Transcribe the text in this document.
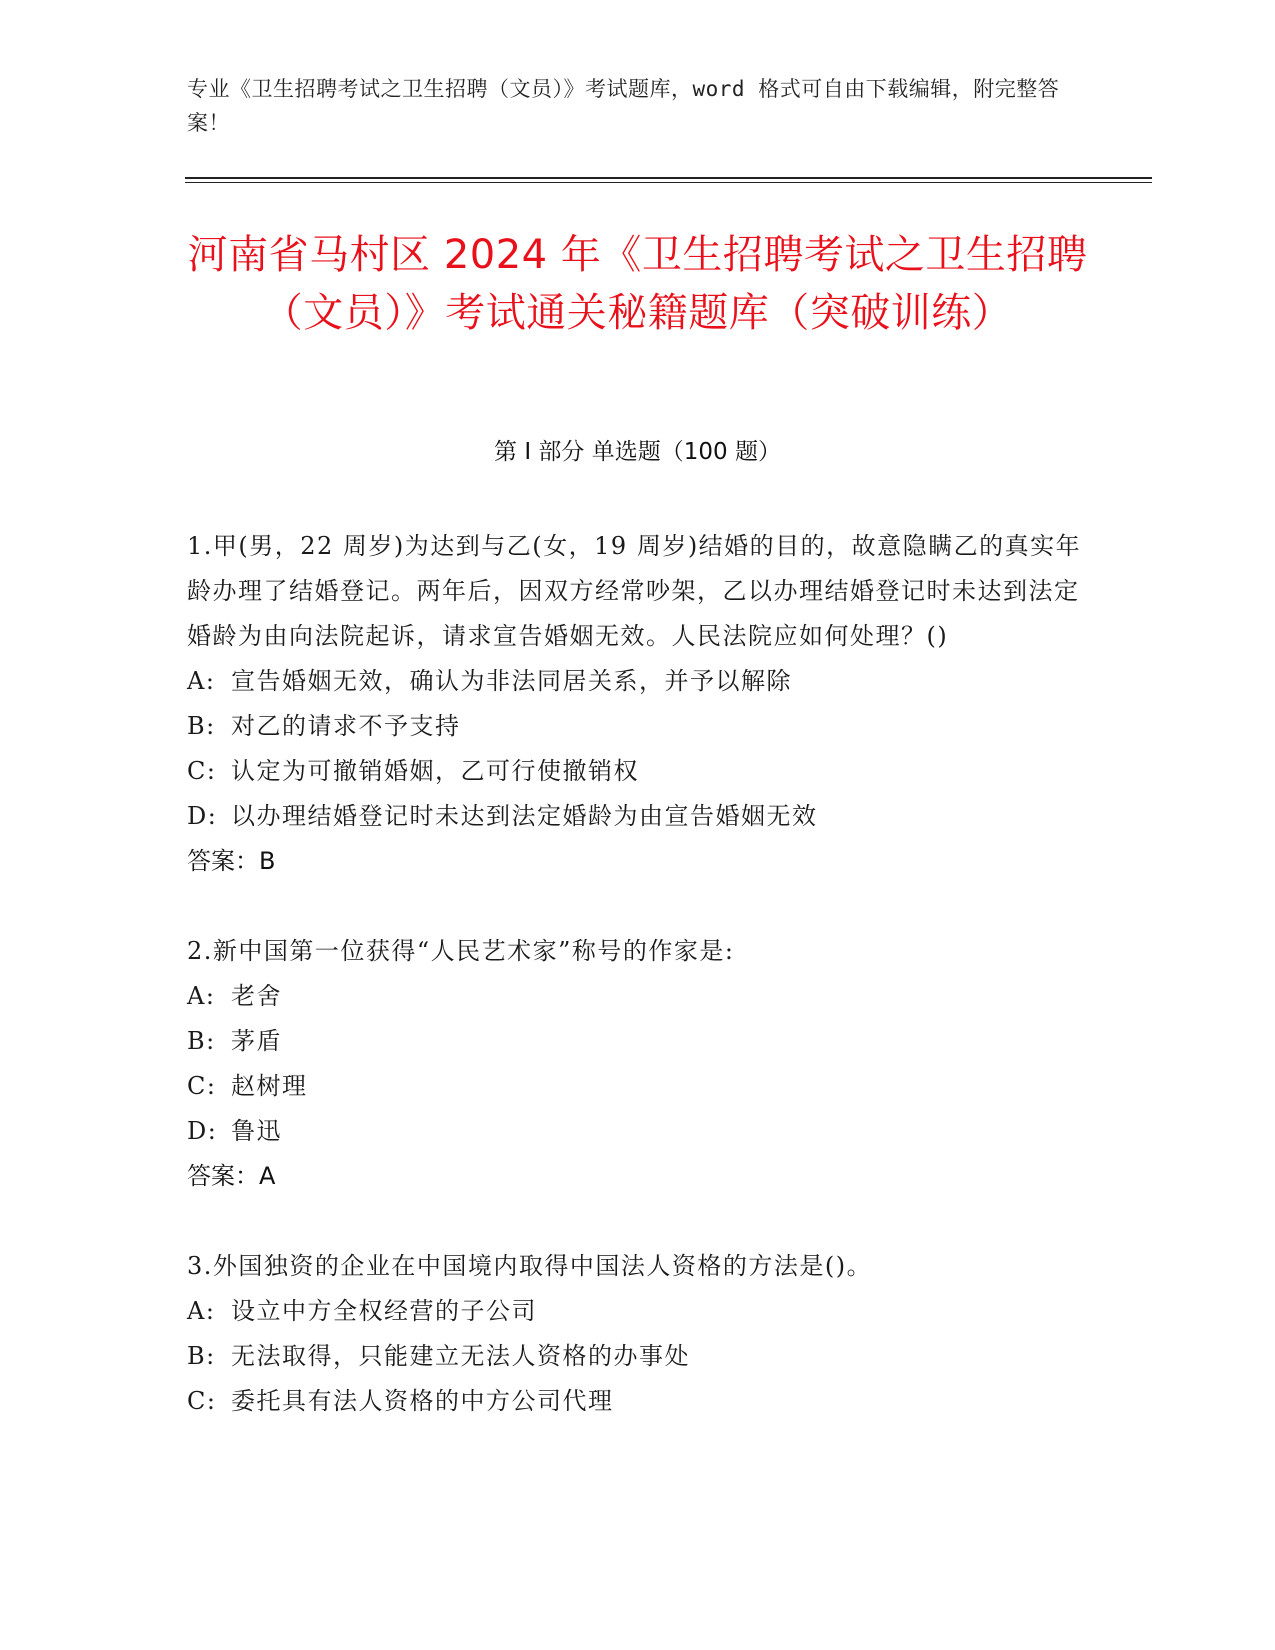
专业《卫生招聘考试之卫生招聘（文员）》考试题库，word 格式可自由下载编辑，附完整答案！
河南省马村区 2024 年《卫生招聘考试之卫生招聘（文员）》考试通关秘籍题库（突破训练）
第 I 部分 单选题（100 题）

1.甲(男，22 周岁)为达到与乙(女，19 周岁)结婚的目的，故意隐瞒乙的真实年龄办理了结婚登记。两年后，因双方经常吵架，乙以办理结婚登记时未达到法定婚龄为由向法院起诉，请求宣告婚姻无效。人民法院应如何处理？()

A: 宣告婚姻无效，确认为非法同居关系，并予以解除

B: 对乙的请求不予支持

C: 认定为可撤销婚姻，乙可行使撤销权

D: 以办理结婚登记时未达到法定婚龄为由宣告婚姻无效

答案：B

2.新中国第一位获得“人民艺术家”称号的作家是:

A: 老舍

B: 茅盾

C: 赵树理

D: 鲁迅

答案：A

3.外国独资的企业在中国境内取得中国法人资格的方法是()。

A: 设立中方全权经营的子公司

B: 无法取得，只能建立无法人资格的办事处

C: 委托具有法人资格的中方公司代理
